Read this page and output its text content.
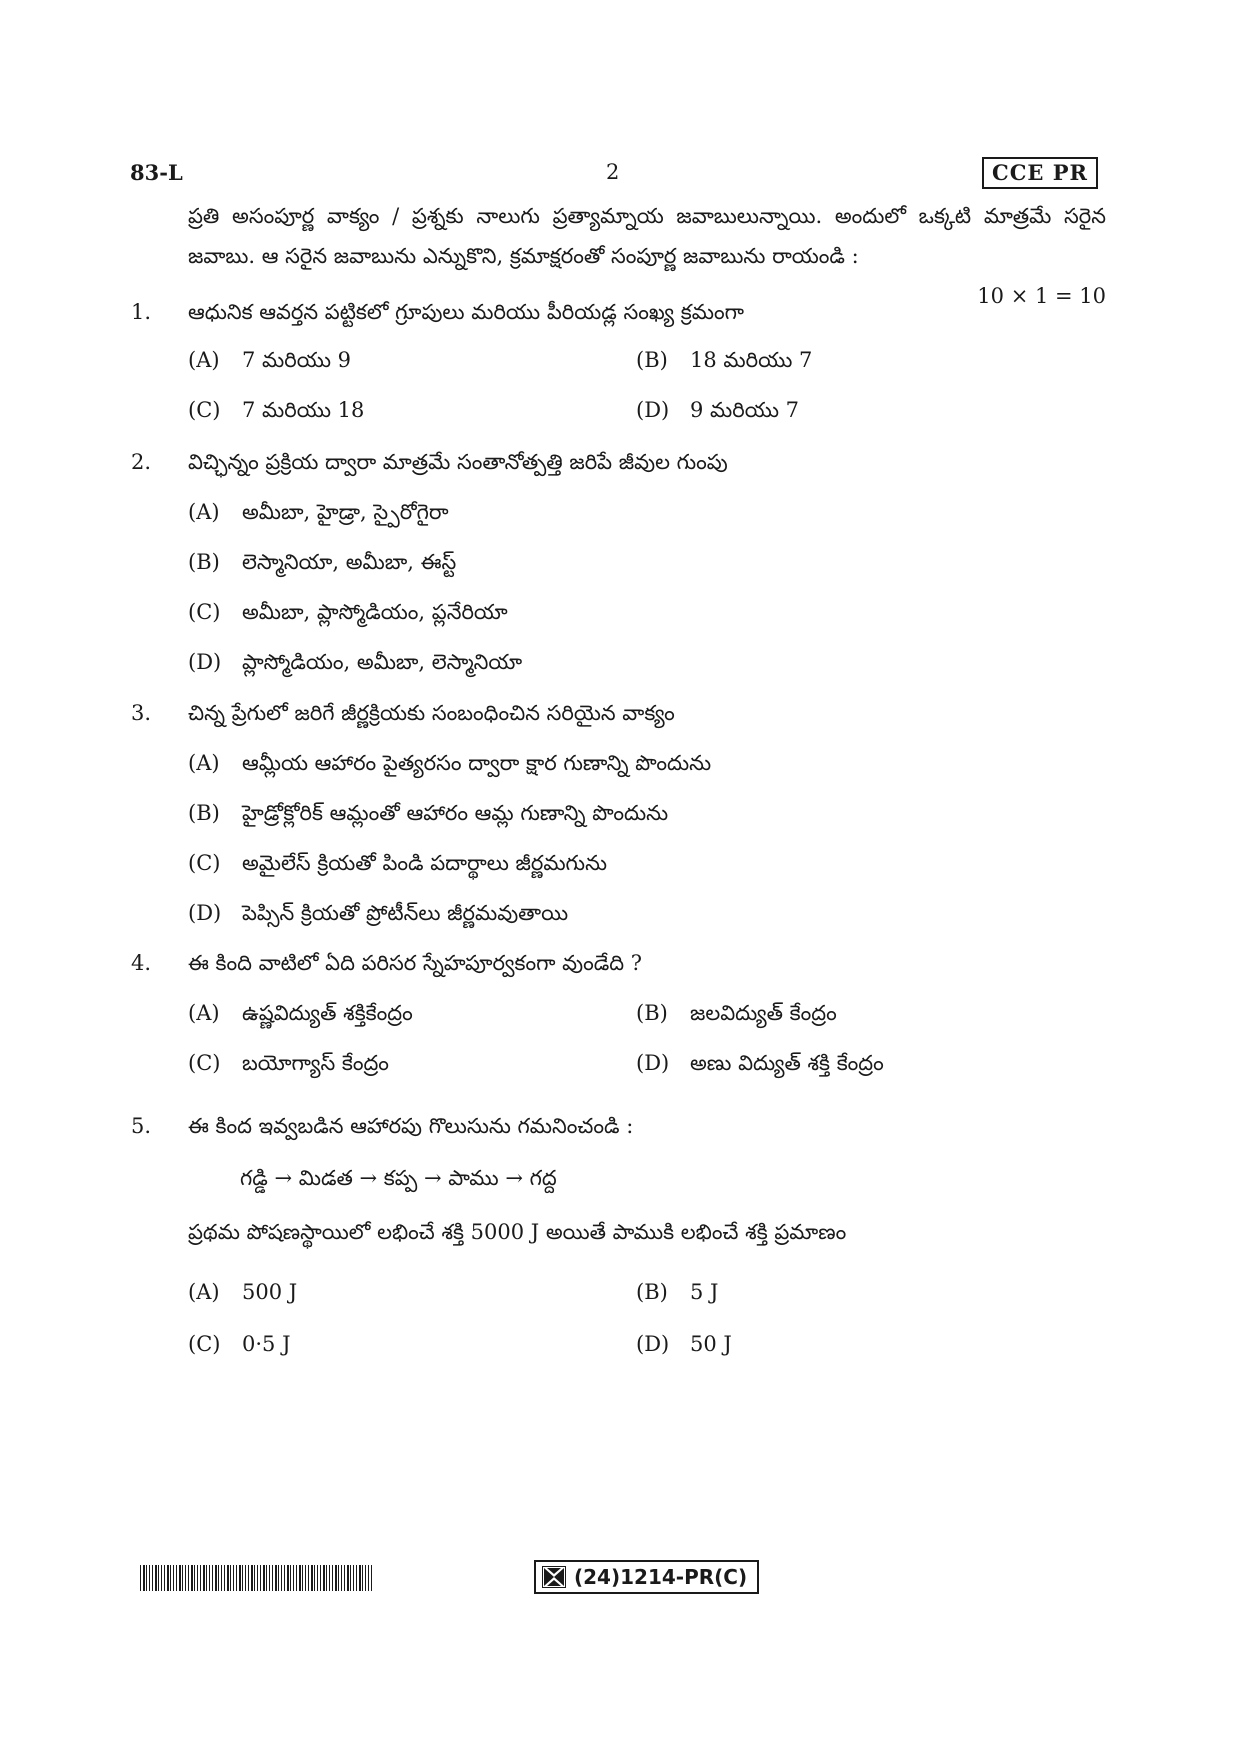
83-L	2	CCE PR
ప్రతి అసంపూర్ణ వాక్యం / ప్రశ్నకు నాలుగు ప్రత్యామ్నాయ జవాబులున్నాయి. అందులో ఒక్కటి మాత్రమే సరైన జవాబు. ఆ సరైన జవాబును ఎన్నుకొని, క్రమాక్షరంతో సంపూర్ణ జవాబును రాయండి :
10 × 1 = 10
1. ఆధునిక ఆవర్తన పట్టికలో గ్రూపులు మరియు పీరియడ్ల సంఖ్య క్రమంగా
(A) 7 మరియు 9	(B) 18 మరియు 7
(C) 7 మరియు 18	(D) 9 మరియు 7
2. విచ్ఛిన్నం ప్రక్రియ ద్వారా మాత్రమే సంతానోత్పత్తి జరిపే జీవుల గుంపు
(A) అమీబా, హైడ్రా, స్పైరోగైరా
(B) లెస్మానియా, అమీబా, ఈస్ట్
(C) అమీబా, ప్లాస్మోడియం, ప్లనేరియా
(D) ప్లాస్మోడియం, అమీబా, లెస్మానియా
3. చిన్న ప్రేగులో జరిగే జీర్ణక్రియకు సంబంధించిన సరియైన వాక్యం
(A) ఆమ్లీయ ఆహారం పైత్యరసం ద్వారా క్షార గుణాన్ని పొందును
(B) హైడ్రోక్లోరిక్ ఆమ్లంతో ఆహారం ఆమ్ల గుణాన్ని పొందును
(C) అమైలేస్ క్రియతో పిండి పదార్థాలు జీర్ణమగును
(D) పెప్సిన్ క్రియతో ప్రోటీన్‌లు జీర్ణమవుతాయి
4. ఈ కింది వాటిలో ఏది పరిసర స్నేహపూర్వకంగా వుండేది ?
(A) ఉష్ణవిద్యుత్ శక్తికేంద్రం	(B) జలవిద్యుత్ కేంద్రం
(C) బయోగ్యాస్ కేంద్రం	(D) అణు విద్యుత్ శక్తి కేంద్రం
5. ఈ కింద ఇవ్వబడిన ఆహారపు గొలుసును గమనించండి :
గడ్డి → మిడత → కప్ప → పాము → గద్ద
ప్రథమ పోషణస్థాయిలో లభించే శక్తి 5000 J అయితే పాముకి లభించే శక్తి ప్రమాణం
(A) 500 J	(B) 5 J
(C) 0·5 J	(D) 50 J
(24)1214-PR(C)
